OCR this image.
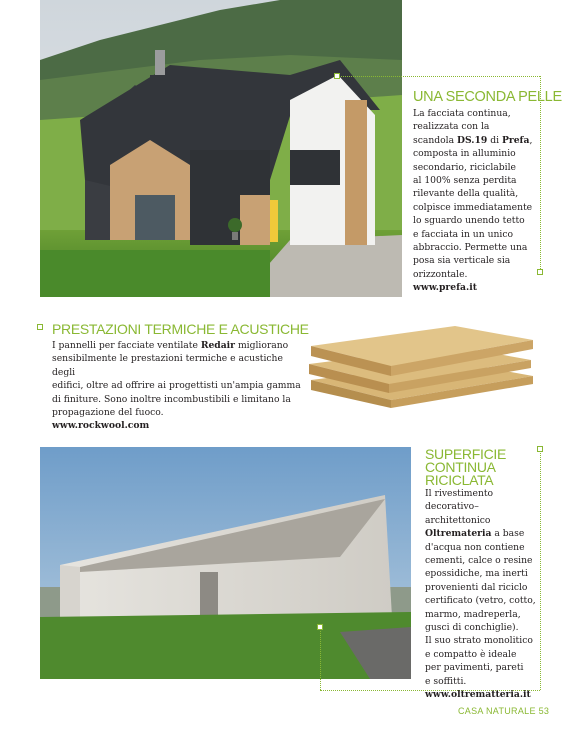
UNA SECONDA PELLE
La facciata continua,
realizzata con la
scandola DS.19 di Prefa,
composta in alluminio
secondario, riciclabile
al 100% senza perdita
rilevante della qualità,
colpisce immediatamente
lo sguardo unendo tetto
e facciata in un unico
abbraccio. Permette una
posa sia verticale sia
orizzontale.
www.prefa.it
PRESTAZIONI TERMICHE E ACUSTICHE
I pannelli per facciate ventilate Redair migliorano
sensibilmente le prestazioni termiche e acustiche degli
edifici, oltre ad offrire ai progettisti un'ampia gamma
di finiture. Sono inoltre incombustibili e limitano la
propagazione del fuoco.
www.rockwool.com
SUPERFICIE
CONTINUA
RICICLATA
Il rivestimento
decorativo–
architettonico
Oltremateria a base
d'acqua non contiene
cementi, calce o resine
epossidiche, ma inerti
provenienti dal riciclo
certificato (vetro, cotto,
marmo, madreperla,
gusci di conchiglie).
Il suo strato monolitico
e compatto è ideale
per pavimenti, pareti
e soffitti.
www.oltrematteria.it
CASA NATURALE 53
